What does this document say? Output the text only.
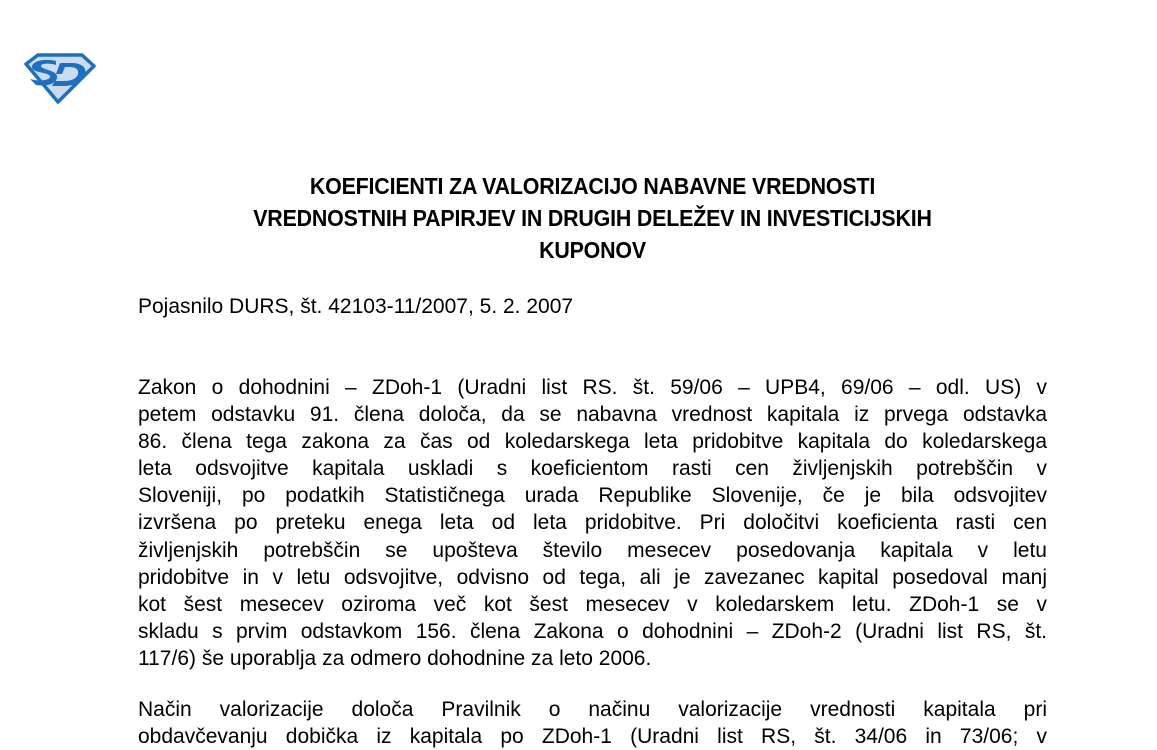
KOEFICIENTI ZA VALORIZACIJO NABAVNE VREDNOSTI
VREDNOSTNIH PAPIRJEV IN DRUGIH DELEŽEV IN INVESTICIJSKIH
KUPONOV

Pojasnilo DURS, št. 42103-11/2007, 5. 2. 2007

Zakon o dohodnini – ZDoh-1 (Uradni list RS. št. 59/06 – UPB4, 69/06 – odl. US) v
petem odstavku 91. člena določa, da se nabavna vrednost kapitala iz prvega odstavka
86. člena tega zakona za čas od koledarskega leta pridobitve kapitala do koledarskega
leta odsvojitve kapitala uskladi s koeficientom rasti cen življenjskih potrebščin v
Sloveniji, po podatkih Statističnega urada Republike Slovenije, če je bila odsvojitev
izvršena po preteku enega leta od leta pridobitve. Pri določitvi koeficienta rasti cen
življenjskih potrebščin se upošteva število mesecev posedovanja kapitala v letu
pridobitve in v letu odsvojitve, odvisno od tega, ali je zavezanec kapital posedoval manj
kot šest mesecev oziroma več kot šest mesecev v koledarskem letu. ZDoh-1 se v
skladu s prvim odstavkom 156. člena Zakona o dohodnini – ZDoh-2 (Uradni list RS, št.
117/6) še uporablja za odmero dohodnine za leto 2006.
Način valorizacije določa Pravilnik o načinu valorizacije vrednosti kapitala pri
obdavčevanju dobička iz kapitala po ZDoh-1 (Uradni list RS, št. 34/06 in 73/06; v
